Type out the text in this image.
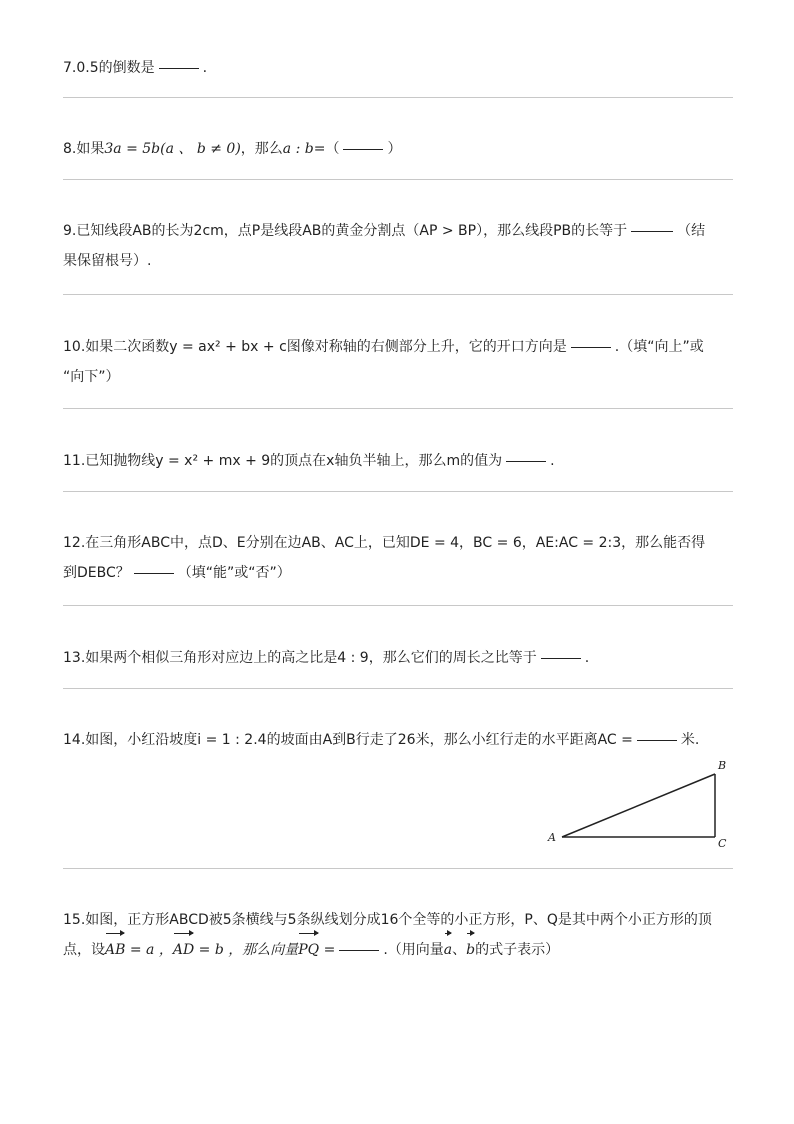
7.0.5的倒数是	.
8.如果3a = 5b(a 、 b ≠ 0)，那么a : b=（	）
9.已知线段AB的长为2cm，点P是线段AB的黄金分割点（AP > BP），那么线段PB的长等于	（结
果保留根号）.
10.如果二次函数y = ax² + bx + c图像对称轴的右侧部分上升，它的开口方向是	.（填“向上”或
“向下”）
11.已知抛物线y = x² + mx + 9的顶点在x轴负半轴上，那么m的值为	.
12.在三角形ABC中，点D、E分别在边AB、AC上，已知DE = 4，BC = 6，AE:AC = 2:3，那么能否得
到DEBC？	（填“能”或“否”）
13.如果两个相似三角形对应边上的高之比是4 : 9，那么它们的周长之比等于	.
14.如图，小红沿坡度i = 1 : 2.4的坡面由A到B行走了26米，那么小红行走的水平距离AC =	米.
A
B
C
15.如图，正方形ABCD被5条横线与5条纵线划分成16个全等的小正方形，P、Q是其中两个小正方形的顶
点，设AB = a ，AD = b ，那么向量PQ =	.（用向量a、b的式子表示）
